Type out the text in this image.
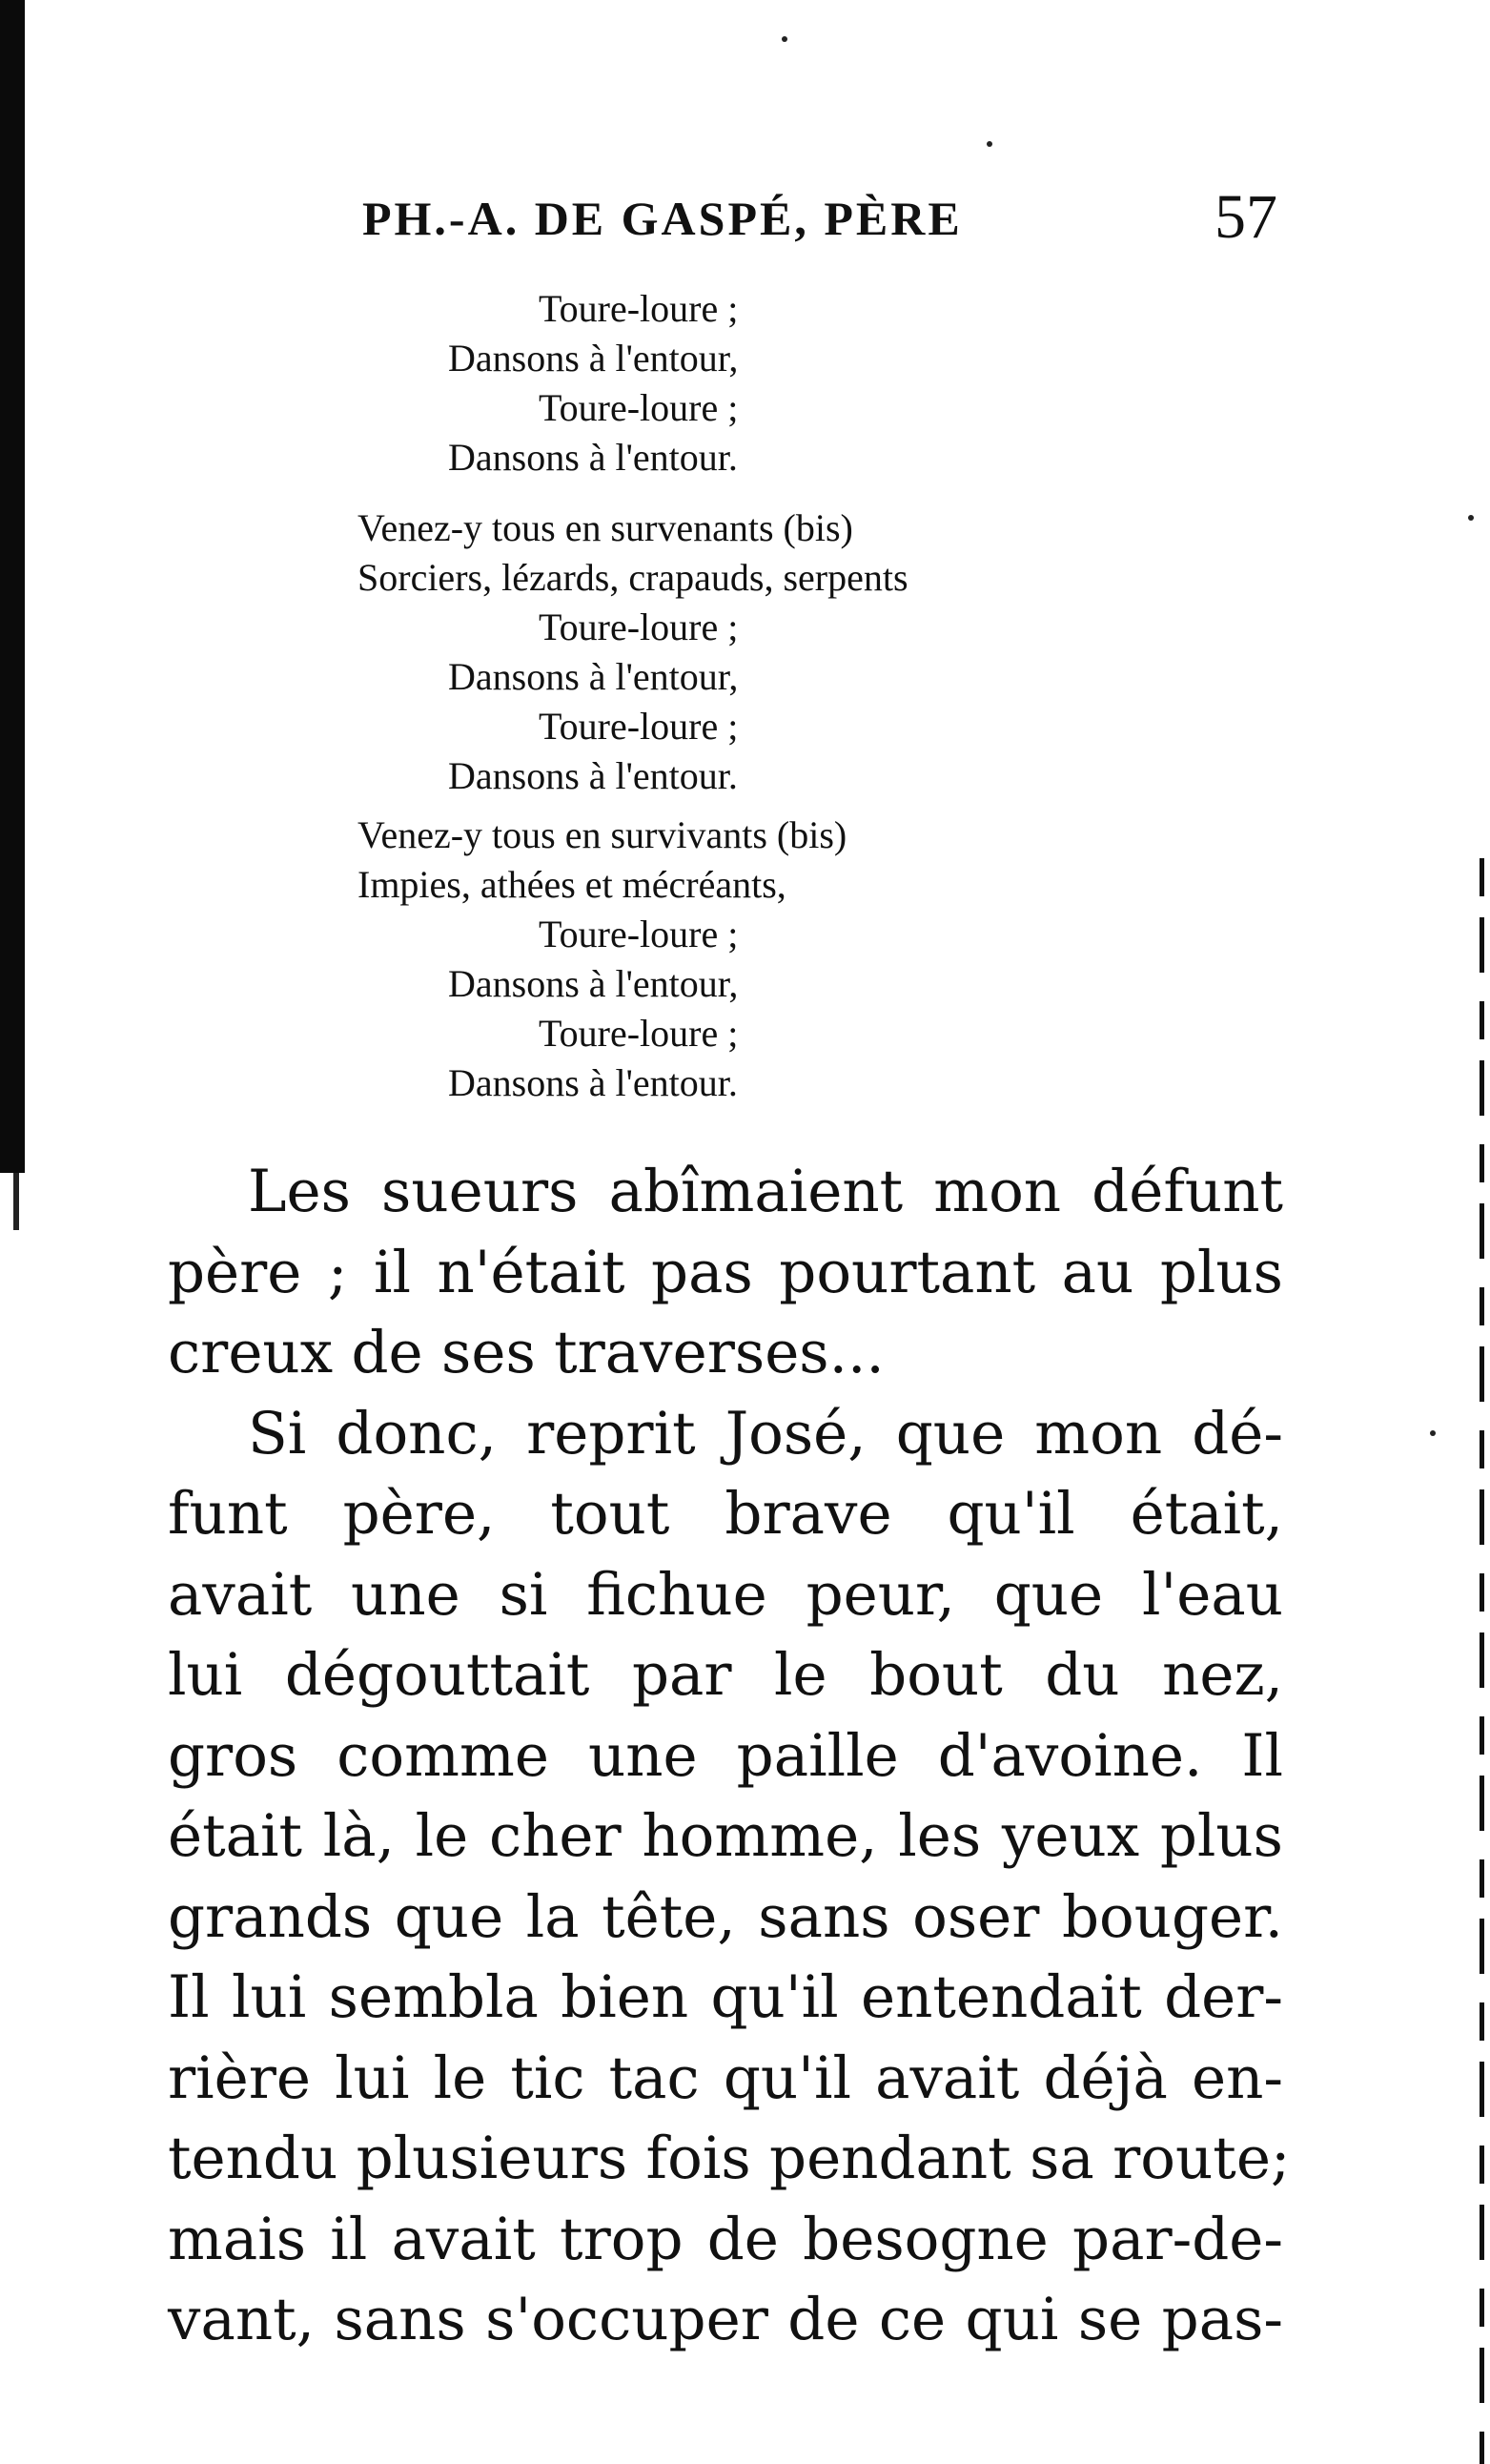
PH.-A. DE GASPÉ, PÈRE	57
Toure-loure ;
Dansons à l'entour,
Toure-loure ;
Dansons à l'entour.
Venez-y tous en survenants (bis)
Sorciers, lézards, crapauds, serpents
Toure-loure ;
Dansons à l'entour,
Toure-loure ;
Dansons à l'entour.
Venez-y tous en survivants (bis)
Impies, athées et mécréants,
Toure-loure ;
Dansons à l'entour,
Toure-loure ;
Dansons à l'entour.
Les sueurs abîmaient mon défunt
père ; il n'était pas pourtant au plus
creux de ses traverses...
Si donc, reprit José, que mon dé-
funt père, tout brave qu'il était,
avait une si fichue peur, que l'eau
lui dégouttait par le bout du nez,
gros comme une paille d'avoine. Il
était là, le cher homme, les yeux plus
grands que la tête, sans oser bouger.
Il lui sembla bien qu'il entendait der-
rière lui le tic tac qu'il avait déjà en-
tendu plusieurs fois pendant sa route;
mais il avait trop de besogne par-de-
vant, sans s'occuper de ce qui se pas-
